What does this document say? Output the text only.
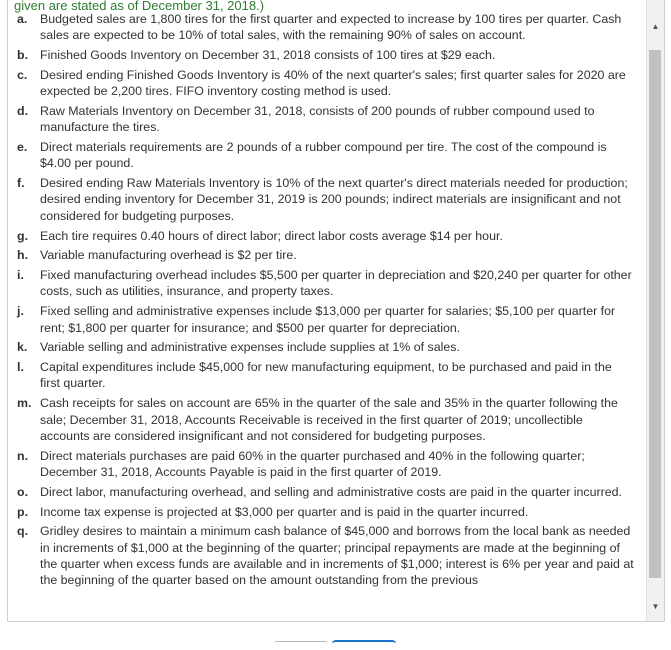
given are stated as of December 31, 2018.)
a. Budgeted sales are 1,800 tires for the first quarter and expected to increase by 100 tires per quarter. Cash sales are expected to be 10% of total sales, with the remaining 90% of sales on account.
b. Finished Goods Inventory on December 31, 2018 consists of 100 tires at $29 each.
c. Desired ending Finished Goods Inventory is 40% of the next quarter's sales; first quarter sales for 2020 are expected be 2,200 tires. FIFO inventory costing method is used.
d. Raw Materials Inventory on December 31, 2018, consists of 200 pounds of rubber compound used to manufacture the tires.
e. Direct materials requirements are 2 pounds of a rubber compound per tire. The cost of the compound is $4.00 per pound.
f. Desired ending Raw Materials Inventory is 10% of the next quarter's direct materials needed for production; desired ending inventory for December 31, 2019 is 200 pounds; indirect materials are insignificant and not considered for budgeting purposes.
g. Each tire requires 0.40 hours of direct labor; direct labor costs average $14 per hour.
h. Variable manufacturing overhead is $2 per tire.
i. Fixed manufacturing overhead includes $5,500 per quarter in depreciation and $20,240 per quarter for other costs, such as utilities, insurance, and property taxes.
j. Fixed selling and administrative expenses include $13,000 per quarter for salaries; $5,100 per quarter for rent; $1,800 per quarter for insurance; and $500 per quarter for depreciation.
k. Variable selling and administrative expenses include supplies at 1% of sales.
l. Capital expenditures include $45,000 for new manufacturing equipment, to be purchased and paid in the first quarter.
m. Cash receipts for sales on account are 65% in the quarter of the sale and 35% in the quarter following the sale; December 31, 2018, Accounts Receivable is received in the first quarter of 2019; uncollectible accounts are considered insignificant and not considered for budgeting purposes.
n. Direct materials purchases are paid 60% in the quarter purchased and 40% in the following quarter; December 31, 2018, Accounts Payable is paid in the first quarter of 2019.
o. Direct labor, manufacturing overhead, and selling and administrative costs are paid in the quarter incurred.
p. Income tax expense is projected at $3,000 per quarter and is paid in the quarter incurred.
q. Gridley desires to maintain a minimum cash balance of $45,000 and borrows from the local bank as needed in increments of $1,000 at the beginning of the quarter; principal repayments are made at the beginning of the quarter when excess funds are available and in increments of $1,000; interest is 6% per year and paid at the beginning of the quarter based on the amount outstanding from the previous
▲
▼
